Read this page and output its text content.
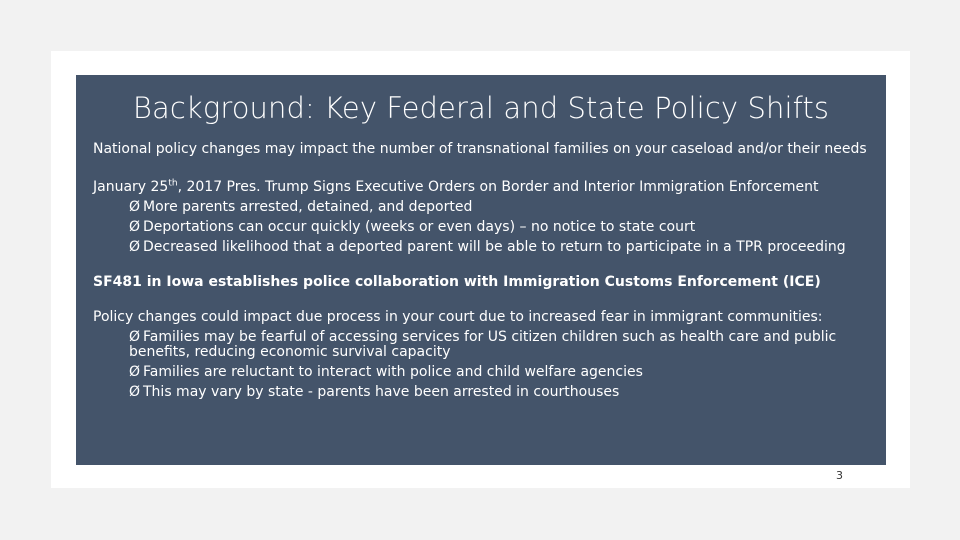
Background: Key Federal and State Policy Shifts

National policy changes may impact the number of transnational families on your caseload and/or their needs

January 25th, 2017 Pres. Trump Signs Executive Orders on Border and Interior Immigration Enforcement

Ø More parents arrested, detained, and deported
Ø Deportations can occur quickly (weeks or even days) – no notice to state court
Ø Decreased likelihood that a deported parent will be able to return to participate in a TPR proceeding

SF481 in Iowa establishes police collaboration with Immigration Customs Enforcement (ICE)

Policy changes could impact due process in your court due to increased fear in immigrant communities:

Ø Families may be fearful of accessing services for US citizen children such as health care and public benefits, reducing economic survival capacity
Ø Families are reluctant to interact with police and child welfare agencies
Ø This may vary by state - parents have been arrested in courthouses
3
